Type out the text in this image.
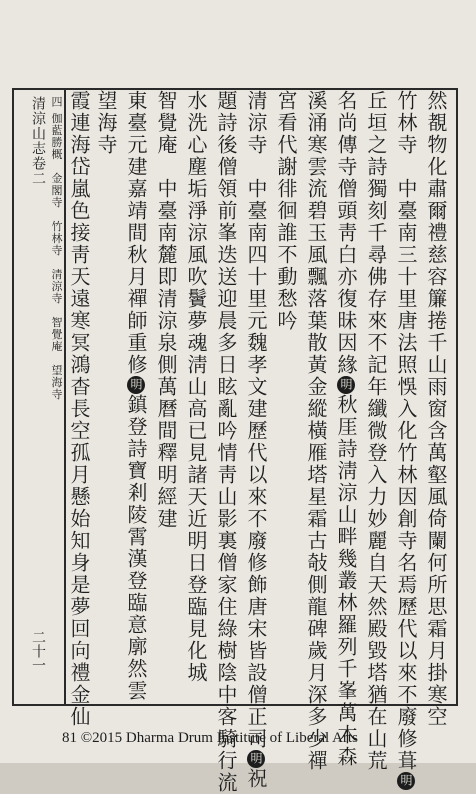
清涼山志卷二
二十一
四 伽藍勝概　金閣寺　竹林寺　清涼寺　智覺庵　望海寺	然覩物化肅爾禮慈容簾捲千山雨窗含萬壑風倚闌何所思霜月掛寒空
竹林寺　中臺南三十里唐法照悞入化竹林因創寺名焉歷代以來不廢修葺明
丘垣之詩獨刻千尋佛存來不記年纖微登入力妙麗自天然殿毀塔猶在山荒
名尚傳寺僧頭靑白亦復昧因緣明秋厓詩淸涼山畔幾叢林羅列千峯萬木森
溪涌寒雲流碧玉風飄落葉散黃金縱橫雁塔星霜古敧側龍碑歲月深多少禪
宮看代謝徘徊誰不動愁吟
清涼寺　中臺南四十里元魏孝文建歷代以來不廢修飾唐宋皆設僧正司明祝
題詩後僧領前峯迭送迎晨多日眩亂吟情靑山影裏僧家住綠樹陰中客騎行流
水洗心塵垢淨涼風吹鬢夢魂淸山高已見諸天近明日登臨見化城
智覺庵　中臺南麓即清涼泉側萬曆間釋明經建
東臺元建嘉靖間秋月禪師重修明鎮登詩寶剎陵霄漢登臨意廓然雲
望海寺
霞連海岱嵐色接靑天遠寒冥鴻杳長空孤月懸始知身是夢回向禮金仙
81 ©2015 Dharma Drum Institute of Liberal Arts
